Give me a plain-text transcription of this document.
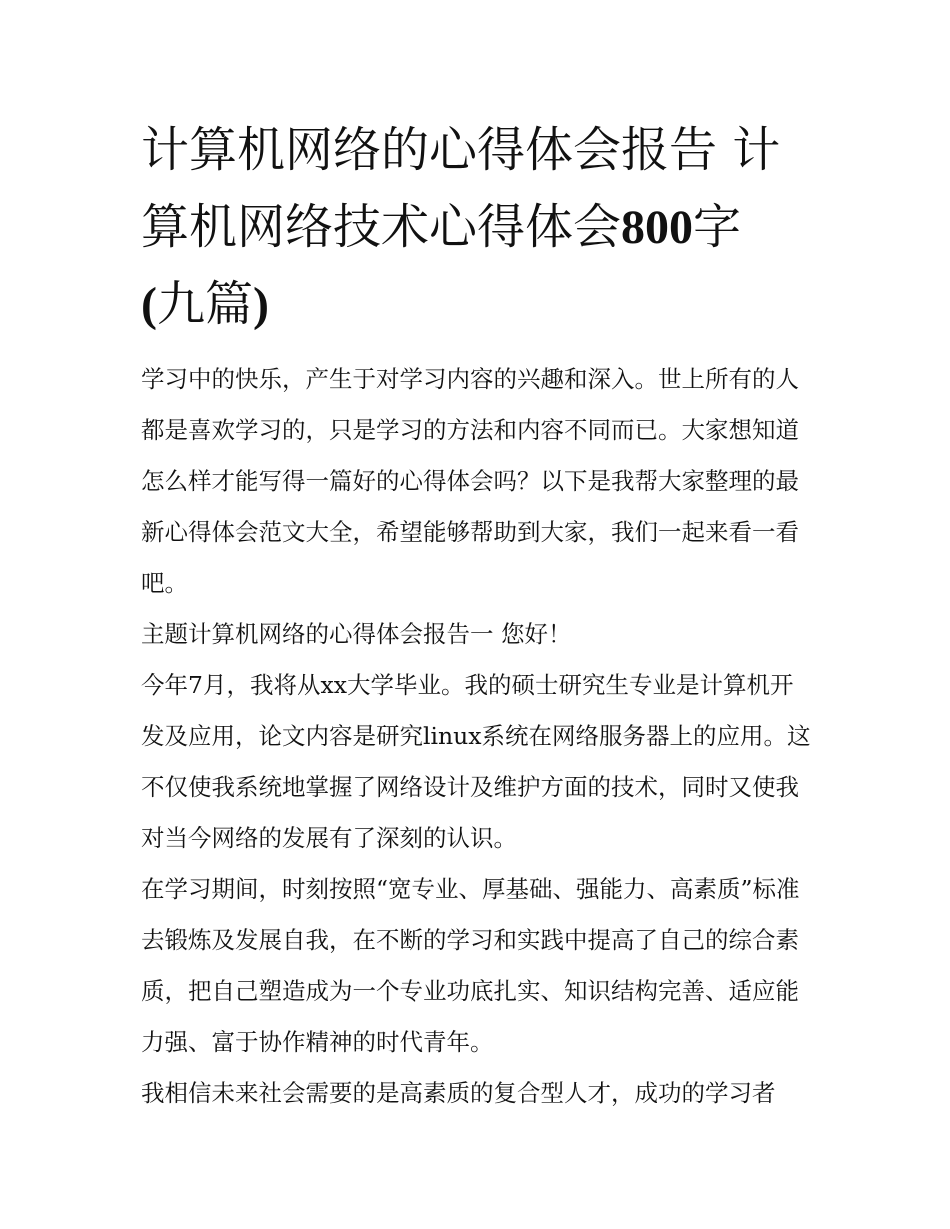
计算机网络的心得体会报告 计算机网络技术心得体会800字
(九篇)

学习中的快乐，产生于对学习内容的兴趣和深入。世上所有的人都是喜欢学习的，只是学习的方法和内容不同而已。大家想知道怎么样才能写得一篇好的心得体会吗？以下是我帮大家整理的最新心得体会范文大全，希望能够帮助到大家，我们一起来看一看吧。

主题计算机网络的心得体会报告一 您好！

今年7月，我将从xx大学毕业。我的硕士研究生专业是计算机开发及应用，论文内容是研究linux系统在网络服务器上的应用。这不仅使我系统地掌握了网络设计及维护方面的技术，同时又使我对当今网络的发展有了深刻的认识。

在学习期间，时刻按照“宽专业、厚基础、强能力、高素质”标准去锻炼及发展自我，在不断的学习和实践中提高了自己的综合素质，把自己塑造成为一个专业功底扎实、知识结构完善、适应能力强、富于协作精神的时代青年。

我相信未来社会需要的是高素质的复合型人才，成功的学习者
